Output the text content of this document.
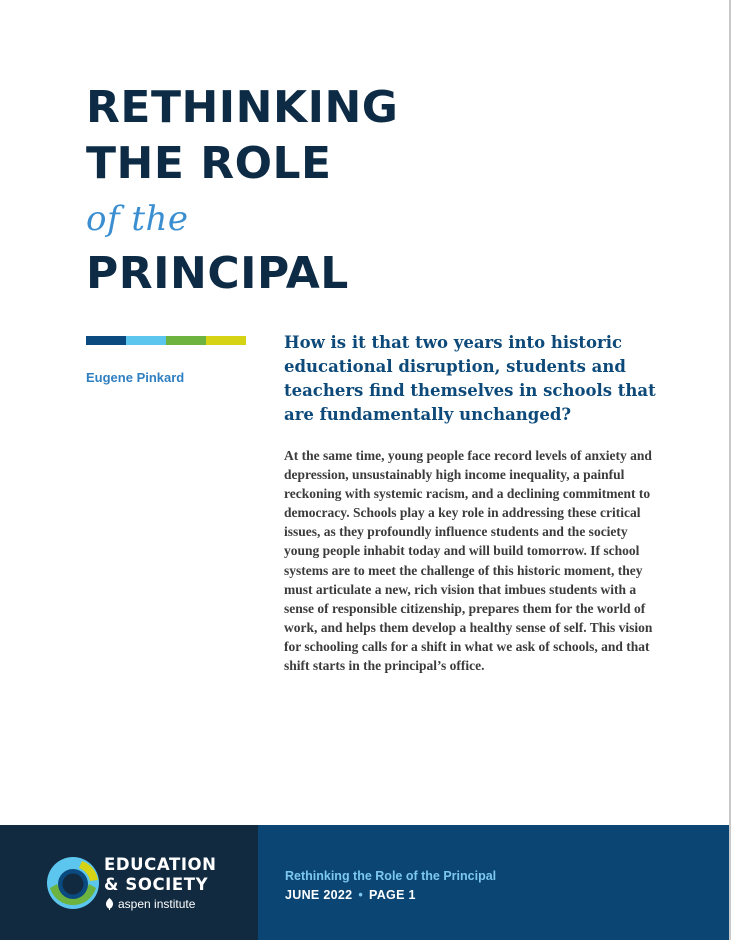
RETHINKING
THE ROLE
of the
PRINCIPAL
Eugene Pinkard

How is it that two years into historic educational disruption, students and teachers find themselves in schools that are fundamentally unchanged?

At the same time, young people face record levels of anxiety and depression, unsustainably high income inequality, a painful reckoning with systemic racism, and a declining commitment to democracy. Schools play a key role in addressing these critical issues, as they profoundly influence students and the society young people inhabit today and will build tomorrow. If school systems are to meet the challenge of this historic moment, they must articulate a new, rich vision that imbues students with a sense of responsible citizenship, prepares them for the world of work, and helps them develop a healthy sense of self. This vision for schooling calls for a shift in what we ask of schools, and that shift starts in the principal’s office.

EDUCATION
& SOCIETY
aspen institute
Rethinking the Role of the Principal
JUNE 2022 • PAGE 1
